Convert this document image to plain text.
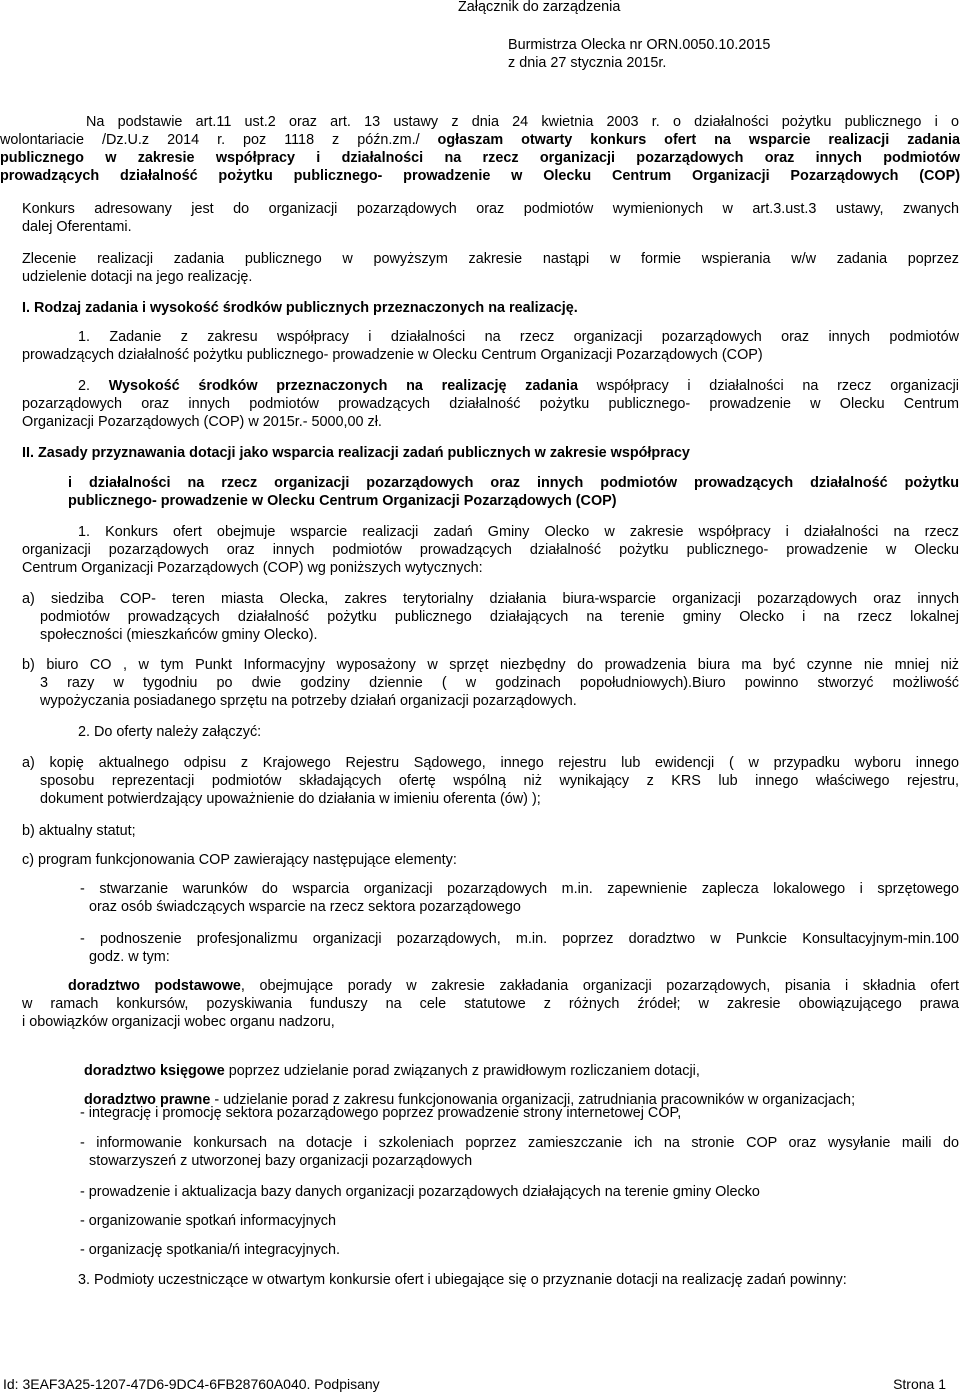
Załącznik do zarządzenia
Burmistrza Olecka nr ORN.0050.10.2015
z dnia 27 stycznia 2015r.
Na podstawie art.11 ust.2 oraz art. 13 ustawy z dnia 24 kwietnia 2003 r. o działalności pożytku publicznego i o
wolontariacie /Dz.U.z 2014 r. poz 1118 z późn.zm./ ogłaszam otwarty konkurs ofert na wsparcie realizacji zadania
publicznego w zakresie współpracy i działalności na rzecz organizacji pozarządowych oraz innych podmiotów
prowadzących działalność pożytku publicznego- prowadzenie w Olecku Centrum Organizacji Pozarządowych (COP)
Konkurs adresowany jest do organizacji pozarządowych oraz podmiotów wymienionych w art.3.ust.3 ustawy, zwanych
dalej Oferentami.
Zlecenie realizacji zadania publicznego w powyższym zakresie nastąpi w formie wspierania w/w zadania poprzez
udzielenie dotacji na jego realizację.
I. Rodzaj zadania i wysokość środków publicznych przeznaczonych na realizację.
1. Zadanie z zakresu współpracy i działalności na rzecz organizacji pozarządowych oraz innych podmiotów
prowadzących działalność pożytku publicznego- prowadzenie w Olecku Centrum Organizacji Pozarządowych (COP)
2. Wysokość środków przeznaczonych na realizację zadania współpracy i działalności na rzecz organizacji
pozarządowych oraz innych podmiotów prowadzących działalność pożytku publicznego- prowadzenie w Olecku Centrum
Organizacji Pozarządowych (COP) w 2015r.- 5000,00 zł.
II. Zasady przyznawania dotacji jako wsparcia realizacji zadań publicznych w zakresie współpracy
i działalności na rzecz organizacji pozarządowych oraz innych podmiotów prowadzących działalność pożytku
publicznego- prowadzenie w Olecku Centrum Organizacji Pozarządowych (COP)
1. Konkurs ofert obejmuje wsparcie realizacji zadań Gminy Olecko w zakresie współpracy i działalności na rzecz
organizacji pozarządowych oraz innych podmiotów prowadzących działalność pożytku publicznego- prowadzenie w Olecku
Centrum Organizacji Pozarządowych (COP) wg poniższych wytycznych:
a) siedziba COP- teren miasta Olecka, zakres terytorialny działania biura-wsparcie organizacji pozarządowych oraz innych
podmiotów prowadzących działalność pożytku publicznego działających na terenie gminy Olecko i na rzecz lokalnej
społeczności (mieszkańców gminy Olecko).
b) biuro CO , w tym Punkt Informacyjny wyposażony w sprzęt niezbędny do prowadzenia biura ma być czynne nie mniej niż
3 razy w tygodniu po dwie godziny dziennie ( w godzinach popołudniowych).Biuro powinno stworzyć możliwość
wypożyczania posiadanego sprzętu na potrzeby działań organizacji pozarządowych.
2. Do oferty należy załączyć:
a) kopię aktualnego odpisu z Krajowego Rejestru Sądowego, innego rejestru lub ewidencji ( w przypadku wyboru innego
sposobu reprezentacji podmiotów składających ofertę wspólną niż wynikający z KRS lub innego właściwego rejestru,
dokument potwierdzający upoważnienie do działania w imieniu oferenta (ów) );
b) aktualny statut;
c) program funkcjonowania COP zawierający następujące elementy:
- stwarzanie warunków do wsparcia organizacji pozarządowych m.in. zapewnienie zaplecza lokalowego i sprzętowego
oraz osób świadczących wsparcie na rzecz sektora pozarządowego
- podnoszenie profesjonalizmu organizacji pozarządowych, m.in. poprzez doradztwo w Punkcie Konsultacyjnym-min.100
godz. w tym:
doradztwo podstawowe, obejmujące porady w zakresie zakładania organizacji pozarządowych, pisania i składnia ofert
w ramach konkursów, pozyskiwania funduszy na cele statutowe z różnych źródeł; w zakresie obowiązującego prawa
i obowiązków organizacji wobec organu nadzoru,

doradztwo księgowe poprzez udzielanie porad związanych z prawidłowym rozliczaniem dotacji,

doradztwo prawne - udzielanie porad z zakresu funkcjonowania organizacji, zatrudniania pracowników w organizacjach;

- integrację i promocję sektora pozarządowego poprzez prowadzenie strony internetowej COP,
- informowanie konkursach na dotacje i szkoleniach poprzez zamieszczanie ich na stronie COP oraz wysyłanie maili do
stowarzyszeń z utworzonej bazy organizacji pozarządowych
- prowadzenie i aktualizacja bazy danych organizacji pozarządowych działających na terenie gminy Olecko
- organizowanie spotkań informacyjnych
- organizację spotkania/ń integracyjnych.
3. Podmioty uczestniczące w otwartym konkursie ofert i ubiegające się o przyznanie dotacji na realizację zadań powinny:
Id: 3EAF3A25-1207-47D6-9DC4-6FB28760A040. Podpisany	Strona 1
